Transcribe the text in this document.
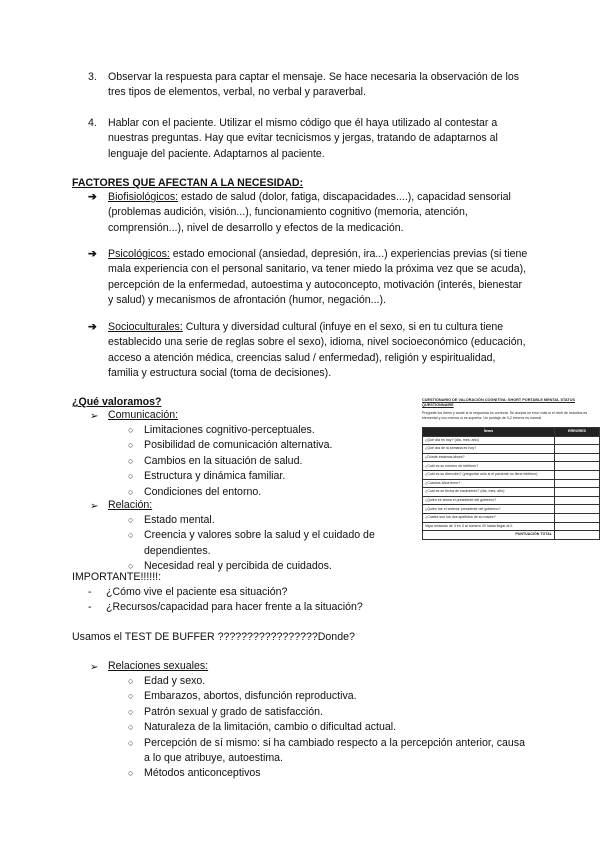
3. Observar la respuesta para captar el mensaje. Se hace necesaria la observación de los tres tipos de elementos, verbal, no verbal y paraverbal.
4. Hablar con el paciente. Utilizar el mismo código que él haya utilizado al contestar a nuestras preguntas. Hay que evitar tecnicismos y jergas, tratando de adaptarnos al lenguaje del paciente. Adaptarnos al paciente.
FACTORES QUE AFECTAN A LA NECESIDAD:
➔ Biofisiológicos: estado de salud (dolor, fatiga, discapacidades....), capacidad sensorial (problemas audición, visión...), funcionamiento cognitivo (memoria, atención, comprensión...), nivel de desarrollo y efectos de la medicación.
➔ Psicológicos: estado emocional (ansiedad, depresión, ira...) experiencias previas (si tiene mala experiencia con el personal sanitario, va tener miedo la próxima vez que se acuda), percepción de la enfermedad, autoestima y autoconcepto, motivación (interés, bienestar y salud) y mecanismos de afrontación (humor, negación...).
➔ Socioculturales: Cultura y diversidad cultural (infuye en el sexo, si en tu cultura tiene establecido una serie de reglas sobre el sexo), idioma, nivel socioeconómico (educación, acceso a atención médica, creencias salud / enfermedad), religión y espiritualidad, familia y estructura social (toma de decisiones).
¿Qué valoramos?
➢ Comunicación:
○ Limitaciones cognitivo-perceptuales.
○ Posibilidad de comunicación alternativa.
○ Cambios en la situación de salud.
○ Estructura y dinámica familiar.
○ Condiciones del entorno.
➢ Relación:
○ Estado mental.
○ Creencia y valores sobre la salud y el cuidado de dependientes.
○ Necesidad real y percibida de cuidados.
IMPORTANTE!!!!!!:
- ¿Cómo vive el paciente esa situación?
- ¿Recursos/capacidad para hacer frente a la situación?
Usamos el TEST DE BUFFER ?????????????????Donde?
➢ Relaciones sexuales:
○ Edad y sexo.
○ Embarazos, abortos, disfunción reproductiva.
○ Patrón sexual y grado de satisfacción.
○ Naturaleza de la limitación, cambio o dificultad actual.
○ Percepción de sí mismo: si ha cambiado respecto a la percepción anterior, causa a lo que atribuye, autoestima.
○ Métodos anticonceptivos
CUESTIONARIO DE VALORACIÓN COGNITIVA: SHORT PORTABLE MENTAL STATUS QUESTIONNAIRE
Pregunte los ítems y anote si la respuesta es correcta. Se acepta un error más si el nivel de estudios es elemental y uno menos si es superior. Un puntaje de 0-2 errores es normal.
Ítems	ERRORES
¿Qué día es hoy? (día, mes, año)	
¿Qué día de la semana es hoy?	
¿Dónde estamos ahora?	
¿Cuál es su número de teléfono?	
¿Cuál es su dirección? (preguntar sólo si el paciente no tiene teléfono)	
¿Cuántos años tiene?	
¿Cuál es su fecha de nacimiento? (día, mes, año)	
¿Quién es ahora el presidente del gobierno?	
¿Quién fue el anterior presidente del gobierno?	
¿Cuáles son los dos apellidos de su madre?	
Vaya restando de 3 en 3 al número 20 hasta llegar al 0.	
PUNTUACIÓN TOTAL	
